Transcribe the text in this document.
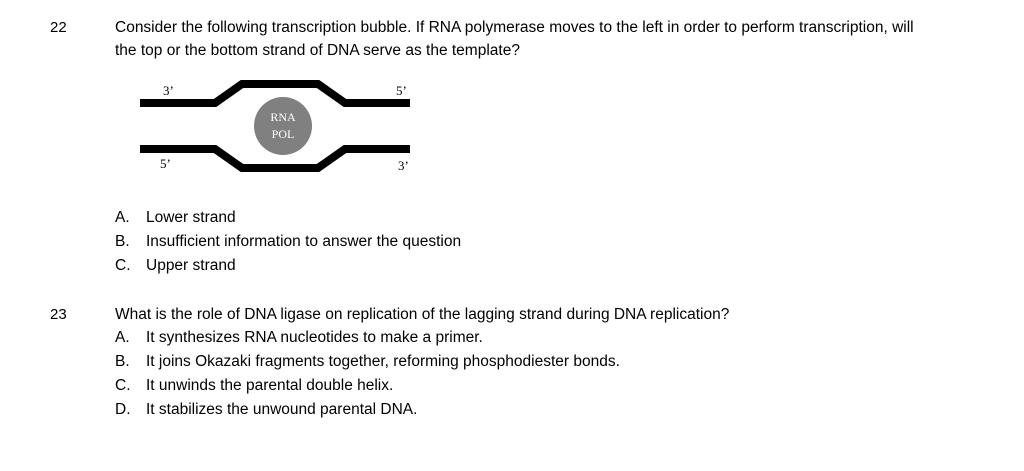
22	Consider the following transcription bubble. If RNA polymerase moves to the left in order to perform transcription, will the top or the bottom strand of DNA serve as the template?
RNA
POL
3’	5’
5’	3’
A. Lower strand
B. Insufficient information to answer the question
C. Upper strand
23	What is the role of DNA ligase on replication of the lagging strand during DNA replication?
A. It synthesizes RNA nucleotides to make a primer.
B. It joins Okazaki fragments together, reforming phosphodiester bonds.
C. It unwinds the parental double helix.
D. It stabilizes the unwound parental DNA.
